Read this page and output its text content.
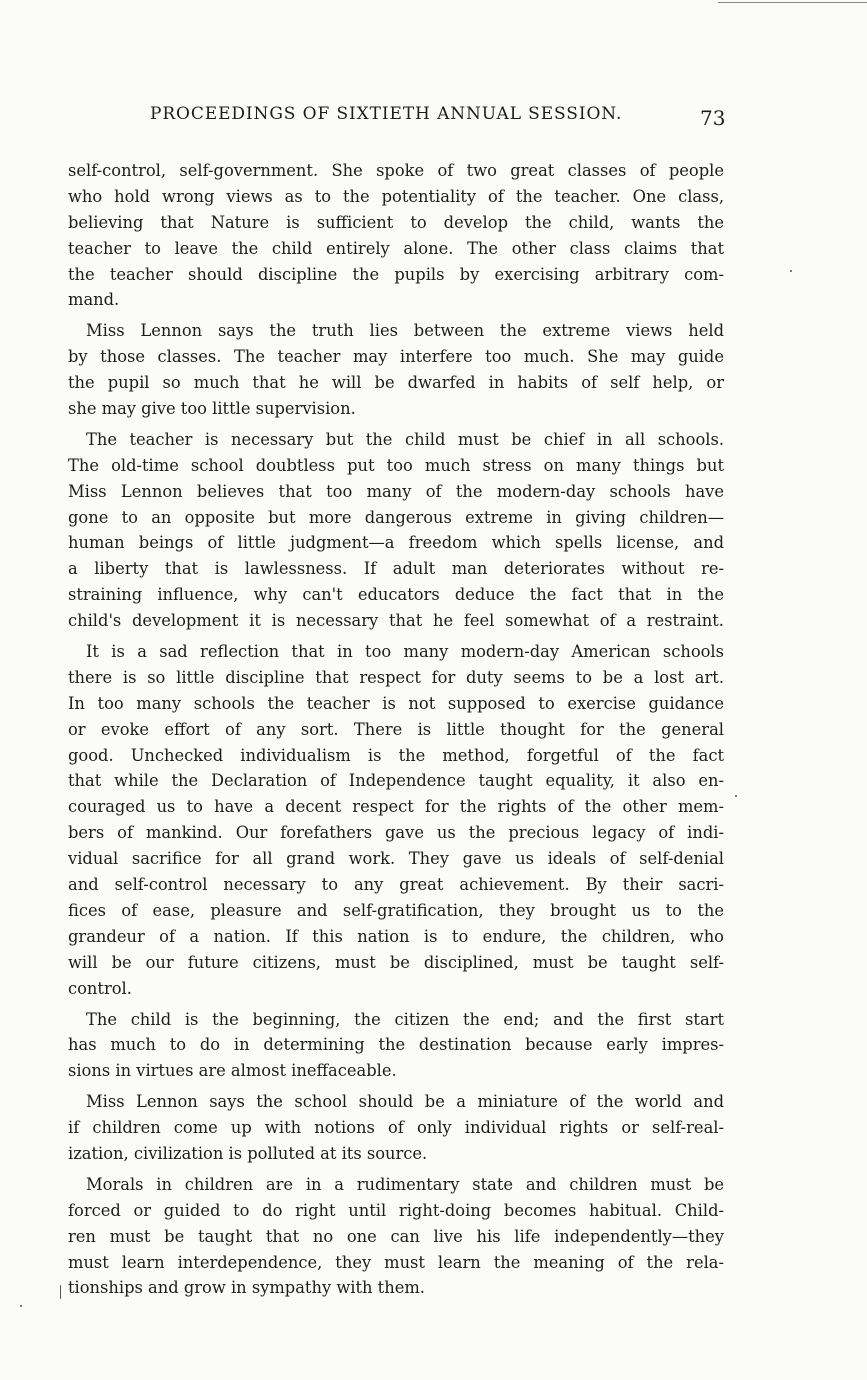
PROCEEDINGS OF SIXTIETH ANNUAL SESSION.	73
self-control, self-government. She spoke of two great classes of people
who hold wrong views as to the potentiality of the teacher. One class,
believing that Nature is sufficient to develop the child, wants the
teacher to leave the child entirely alone. The other class claims that
the teacher should discipline the pupils by exercising arbitrary com-
mand.
Miss Lennon says the truth lies between the extreme views held
by those classes. The teacher may interfere too much. She may guide
the pupil so much that he will be dwarfed in habits of self help, or
she may give too little supervision.
The teacher is necessary but the child must be chief in all schools.
The old-time school doubtless put too much stress on many things but
Miss Lennon believes that too many of the modern-day schools have
gone to an opposite but more dangerous extreme in giving children—
human beings of little judgment—a freedom which spells license, and
a liberty that is lawlessness. If adult man deteriorates without re-
straining influence, why can't educators deduce the fact that in the
child's development it is necessary that he feel somewhat of a restraint.
It is a sad reflection that in too many modern-day American schools
there is so little discipline that respect for duty seems to be a lost art.
In too many schools the teacher is not supposed to exercise guidance
or evoke effort of any sort. There is little thought for the general
good. Unchecked individualism is the method, forgetful of the fact
that while the Declaration of Independence taught equality, it also en-
couraged us to have a decent respect for the rights of the other mem-
bers of mankind. Our forefathers gave us the precious legacy of indi-
vidual sacrifice for all grand work. They gave us ideals of self-denial
and self-control necessary to any great achievement. By their sacri-
fices of ease, pleasure and self-gratification, they brought us to the
grandeur of a nation. If this nation is to endure, the children, who
will be our future citizens, must be disciplined, must be taught self-
control.
The child is the beginning, the citizen the end; and the first start
has much to do in determining the destination because early impres-
sions in virtues are almost ineffaceable.
Miss Lennon says the school should be a miniature of the world and
if children come up with notions of only individual rights or self-real-
ization, civilization is polluted at its source.
Morals in children are in a rudimentary state and children must be
forced or guided to do right until right-doing becomes habitual. Child-
ren must be taught that no one can live his life independently—they
must learn interdependence, they must learn the meaning of the rela-
tionships and grow in sympathy with them.
